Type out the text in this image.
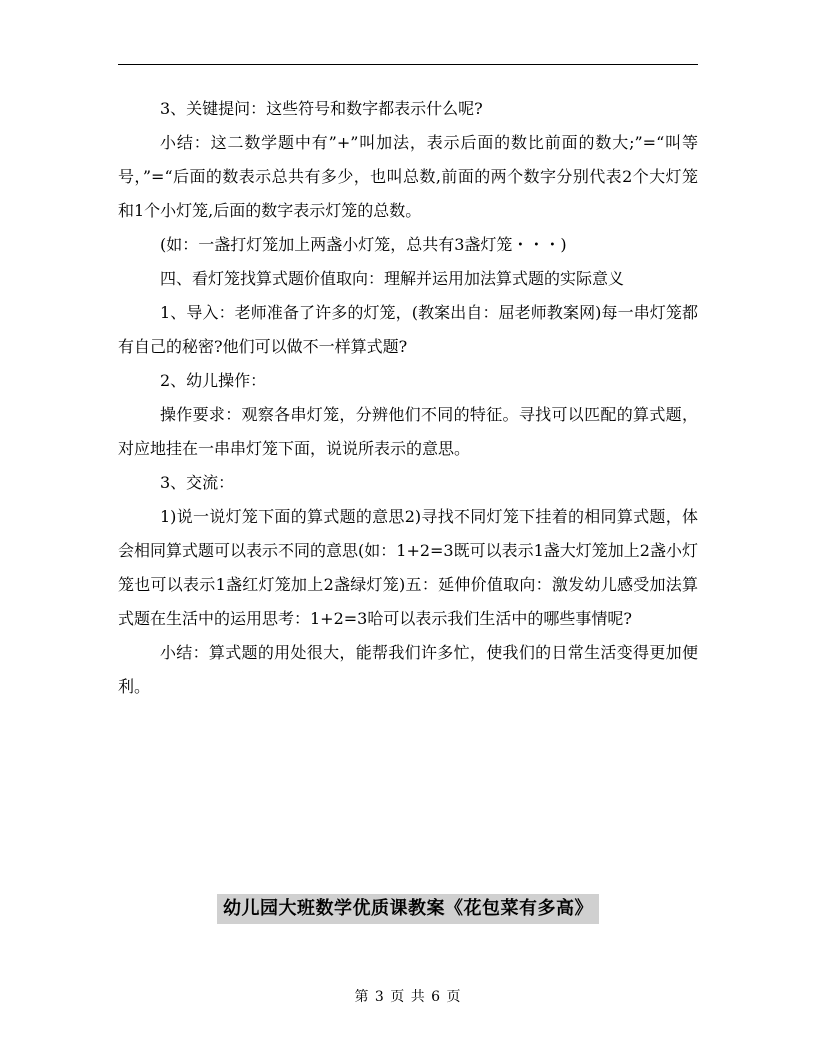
3、关键提问：这些符号和数字都表示什么呢?

小结：这二数学题中有”+”叫加法，表示后面的数比前面的数大;”=“叫等号，”=“后面的数表示总共有多少，也叫总数,前面的两个数字分别代表2个大灯笼和1个小灯笼,后面的数字表示灯笼的总数。

(如：一盏打灯笼加上两盏小灯笼，总共有3盏灯笼・・・)

四、看灯笼找算式题价值取向：理解并运用加法算式题的实际意义

1、导入：老师准备了许多的灯笼，(教案出自：屈老师教案网)每一串灯笼都有自己的秘密?他们可以做不一样算式题?

2、幼儿操作：

操作要求：观察各串灯笼，分辨他们不同的特征。寻找可以匹配的算式题，对应地挂在一串串灯笼下面，说说所表示的意思。

3、交流：

1)说一说灯笼下面的算式题的意思2)寻找不同灯笼下挂着的相同算式题，体会相同算式题可以表示不同的意思(如：1+2=3既可以表示1盏大灯笼加上2盏小灯笼也可以表示1盏红灯笼加上2盏绿灯笼)五：延伸价值取向：激发幼儿感受加法算式题在生活中的运用思考：1+2=3哈可以表示我们生活中的哪些事情呢?

小结：算式题的用处很大，能帮我们许多忙，使我们的日常生活变得更加便利。

幼儿园大班数学优质课教案《花包菜有多高》
第 3 页 共 6 页
